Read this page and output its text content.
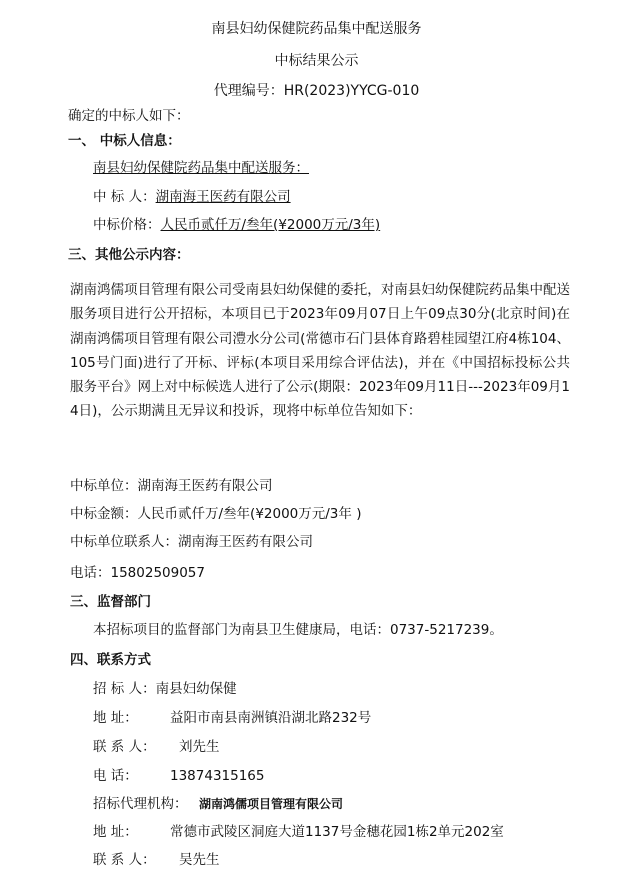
南县妇幼保健院药品集中配送服务
中标结果公示
代理编号：HR(2023)YYCG-010
确定的中标人如下：
一、 中标人信息：
南县妇幼保健院药品集中配送服务：
中 标 人：湖南海王医药有限公司
中标价格：人民币贰仟万/叁年(¥2000万元/3年)
三、其他公示内容：
湖南鸿儒项目管理有限公司受南县妇幼保健的委托，对南县妇幼保健院药品集中配送服务项目进行公开招标，本项目已于2023年09月07日上午09点30分(北京时间)在湖南鸿儒项目管理有限公司澧水分公司(常德市石门县体育路碧桂园望江府4栋104、105号门面)进行了开标、评标(本项目采用综合评估法)，并在《中国招标投标公共服务平台》网上对中标候选人进行了公示(期限：2023年09月11日---2023年09月14日)，公示期满且无异议和投诉，现将中标单位告知如下：
中标单位：湖南海王医药有限公司
中标金额：人民币贰仟万/叁年(¥2000万元/3年 )
中标单位联系人：湖南海王医药有限公司
电话：15802509057
三、监督部门
本招标项目的监督部门为南县卫生健康局，电话：0737-5217239。
四、联系方式
招 标 人：南县妇幼保健
地 址： 益阳市南县南洲镇沿湖北路232号
联 系 人： 刘先生
电 话： 13874315165
招标代理机构： 湖南鸿儒项目管理有限公司
地 址： 常德市武陵区洞庭大道1137号金穗花园1栋2单元202室
联 系 人： 吴先生
